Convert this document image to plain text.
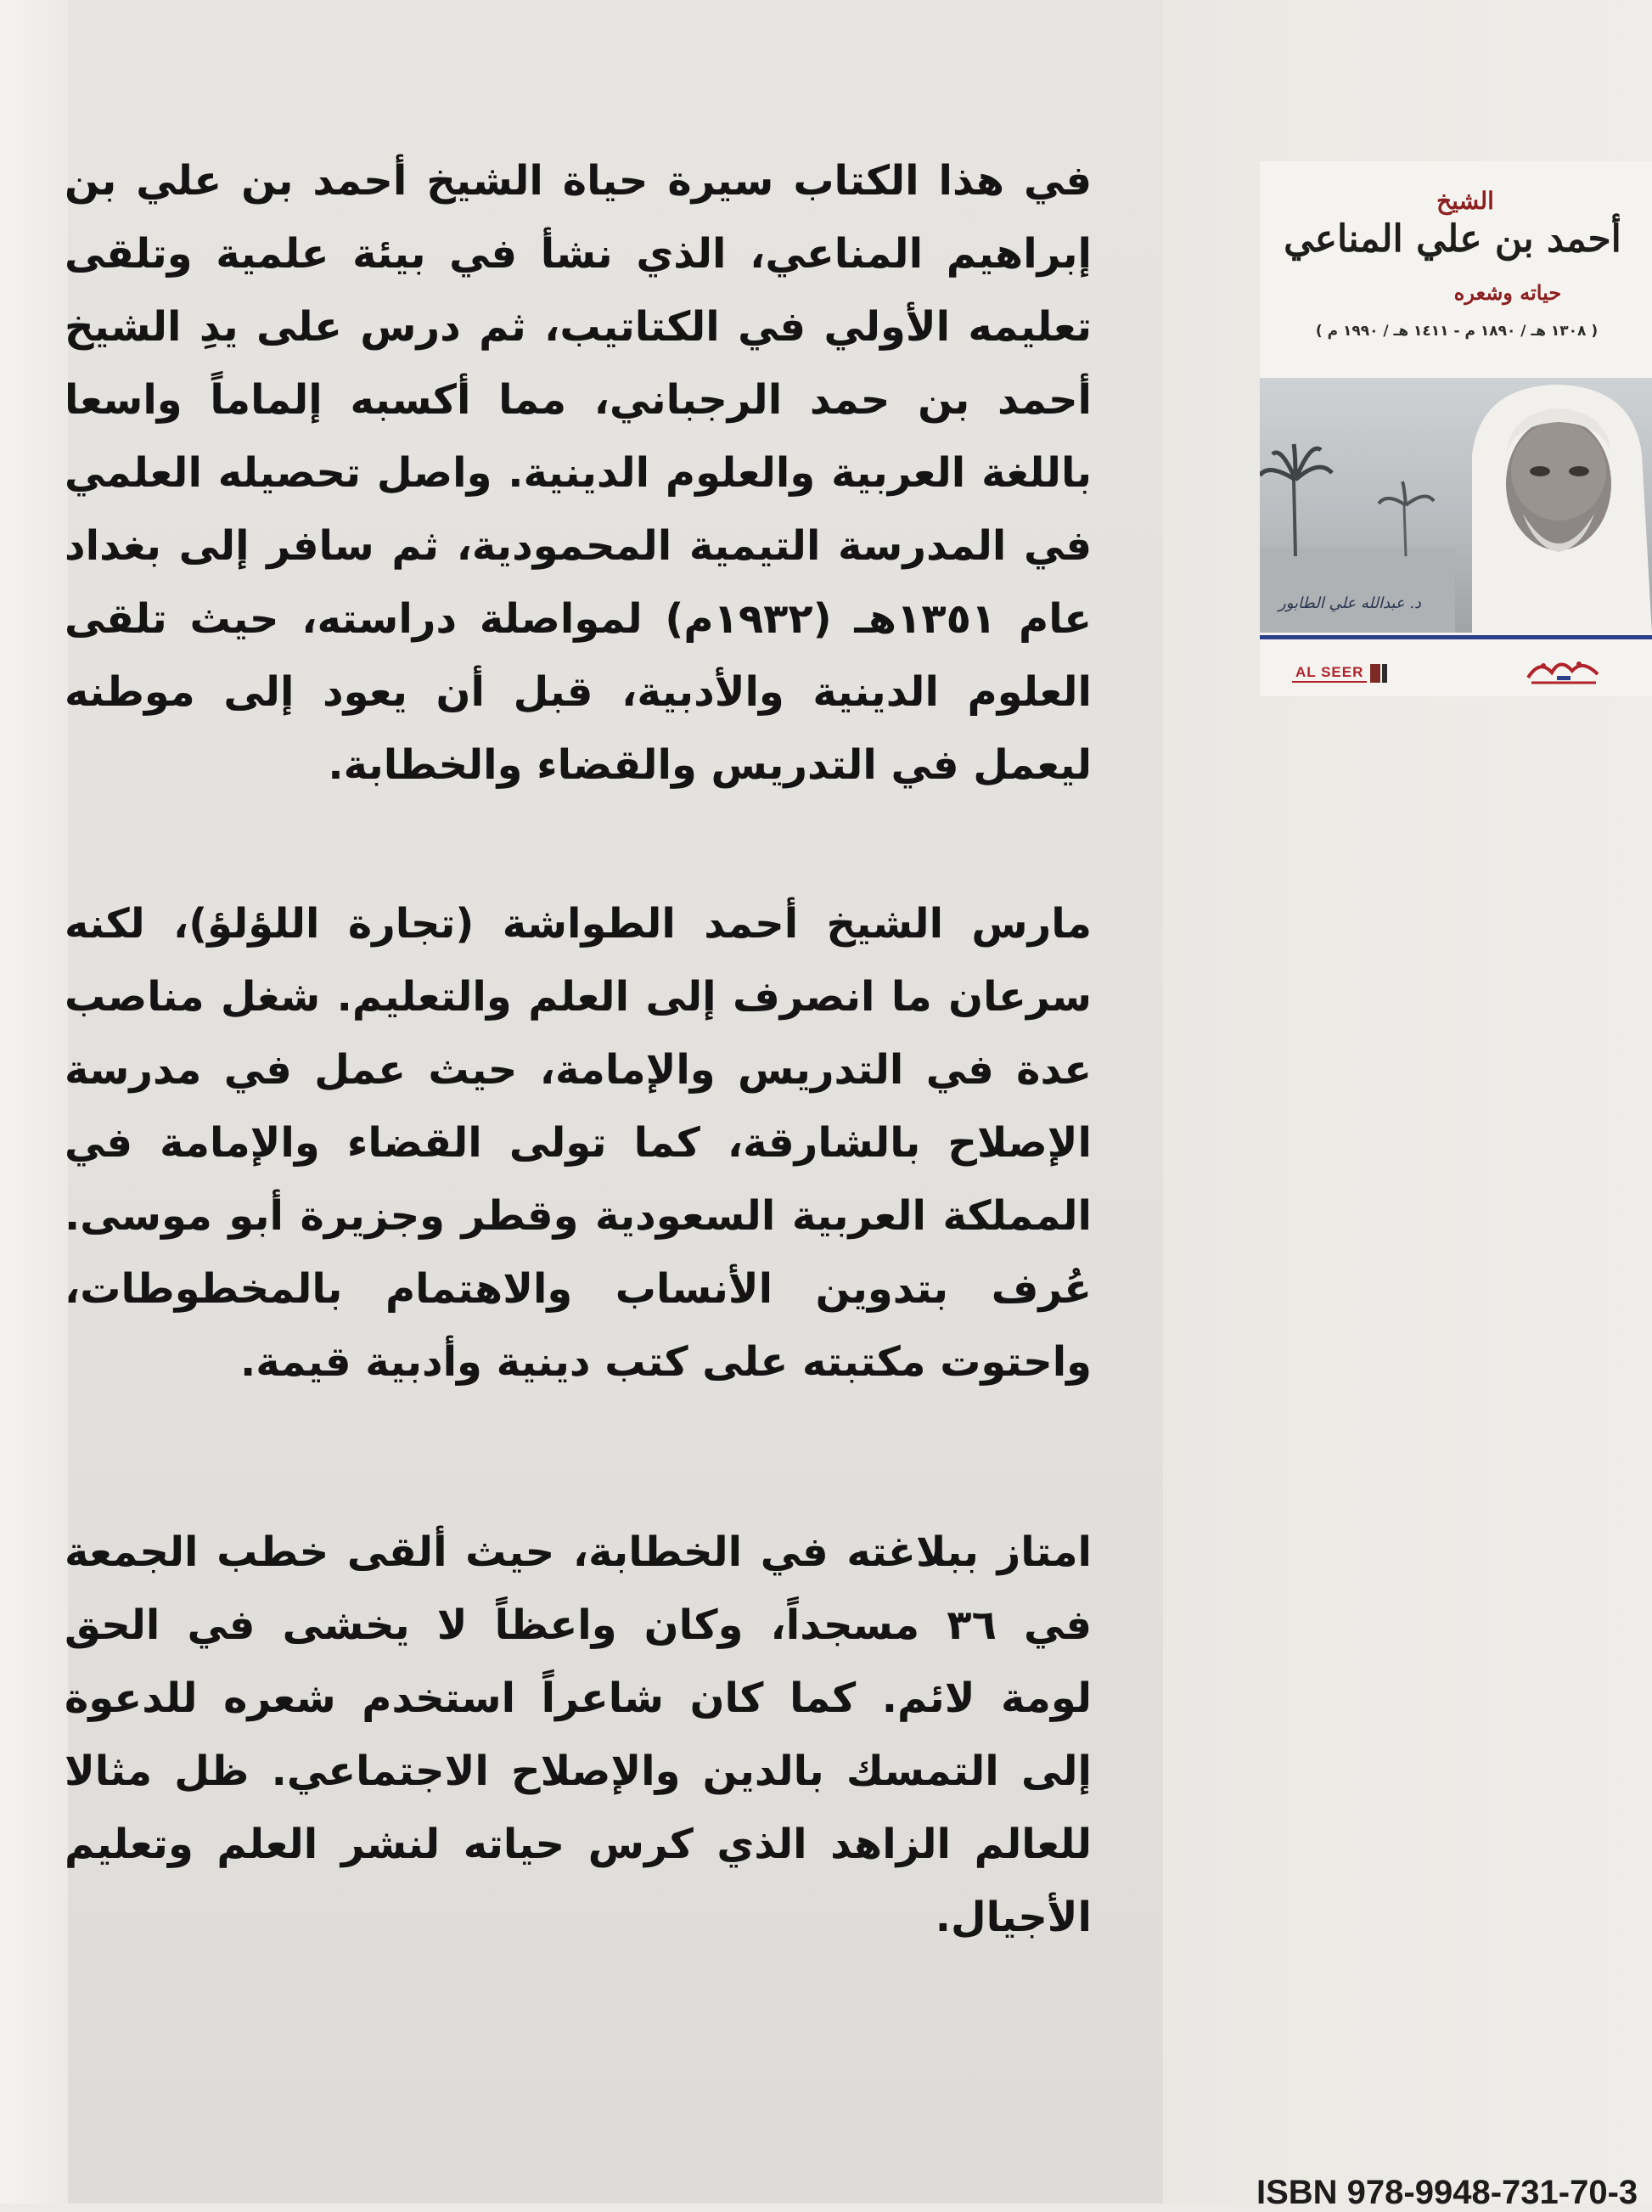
في هذا الكتاب سيرة حياة الشيخ أحمد بن علي بن إبراهيم المناعي، الذي نشأ في بيئة علمية وتلقى تعليمه الأولي في الكتاتيب، ثم درس على يدِ الشيخ أحمد بن حمد الرجباني، مما أكسبه إلماماً واسعا باللغة العربية والعلوم الدينية. واصل تحصيله العلمي في المدرسة التيمية المحمودية، ثم سافر إلى بغداد عام ١٣٥١هـ (١٩٣٢م) لمواصلة دراسته، حيث تلقى العلوم الدينية والأدبية، قبل أن يعود إلى موطنه ليعمل في التدريس والقضاء والخطابة.

مارس الشيخ أحمد الطواشة (تجارة اللؤلؤ)، لكنه سرعان ما انصرف إلى العلم والتعليم. شغل مناصب عدة في التدريس والإمامة، حيث عمل في مدرسة الإصلاح بالشارقة، كما تولى القضاء والإمامة في المملكة العربية السعودية وقطر وجزيرة أبو موسى. عُرف بتدوين الأنساب والاهتمام بالمخطوطات، واحتوت مكتبته على كتب دينية وأدبية قيمة.

امتاز ببلاغته في الخطابة، حيث ألقى خطب الجمعة في ٣٦ مسجداً، وكان واعظاً لا يخشى في الحق لومة لائم. كما كان شاعراً استخدم شعره للدعوة إلى التمسك بالدين والإصلاح الاجتماعي. ظل مثالا للعالم الزاهد الذي كرس حياته لنشر العلم وتعليم الأجيال.

الشيخ
أحمد بن علي المناعي
حياته وشعره
( ١٣٠٨ هـ / ١٨٩٠ م - ١٤١١ هـ / ١٩٩٠ م )
د. عبدالله علي الطابور
AL SEER
ISBN 978-9948-731-70-3
